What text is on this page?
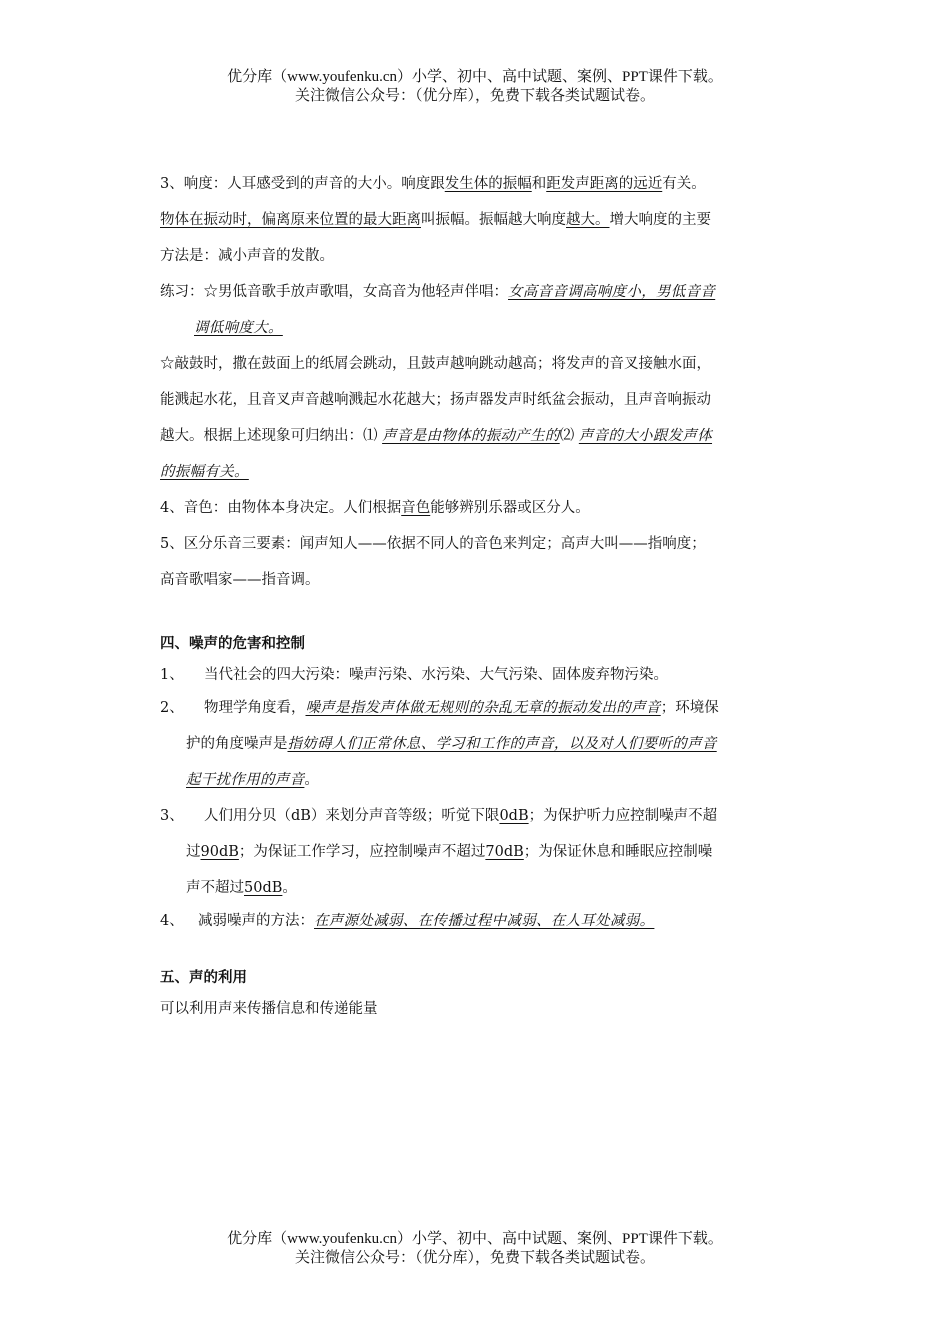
优分库（www.youfenku.cn）小学、初中、高中试题、案例、PPT课件下载。
关注微信公众号：（优分库），免费下载各类试题试卷。
3、响度：人耳感受到的声音的大小。响度跟发生体的振幅和距发声距离的远近有关。
物体在振动时，偏离原来位置的最大距离叫振幅。振幅越大响度越大。增大响度的主要
方法是：减小声音的发散。
练习：☆男低音歌手放声歌唱，女高音为他轻声伴唱：女高音音调高响度小，男低音音
调低响度大。
☆敲鼓时，撒在鼓面上的纸屑会跳动，且鼓声越响跳动越高；将发声的音叉接触水面，
能溅起水花，且音叉声音越响溅起水花越大；扬声器发声时纸盆会振动，且声音响振动
越大。根据上述现象可归纳出：⑴ 声音是由物体的振动产生的⑵ 声音的大小跟发声体
的振幅有关。
4、音色：由物体本身决定。人们根据音色能够辨别乐器或区分人。
5、区分乐音三要素：闻声知人——依据不同人的音色来判定；高声大叫——指响度；
高音歌唱家——指音调。
四、噪声的危害和控制
1、 当代社会的四大污染：噪声污染、水污染、大气污染、固体废弃物污染。
2、 物理学角度看，噪声是指发声体做无规则的杂乱无章的振动发出的声音；环境保
护的角度噪声是指妨碍人们正常休息、学习和工作的声音，以及对人们要听的声音
起干扰作用的声音。
3、 人们用分贝（dB）来划分声音等级；听觉下限0dB；为保护听力应控制噪声不超
过90dB；为保证工作学习，应控制噪声不超过70dB；为保证休息和睡眠应控制噪
声不超过50dB。
4、 减弱噪声的方法：在声源处减弱、在传播过程中减弱、在人耳处减弱。
五、声的利用
可以利用声来传播信息和传递能量
优分库（www.youfenku.cn）小学、初中、高中试题、案例、PPT课件下载。
关注微信公众号：（优分库），免费下载各类试题试卷。
